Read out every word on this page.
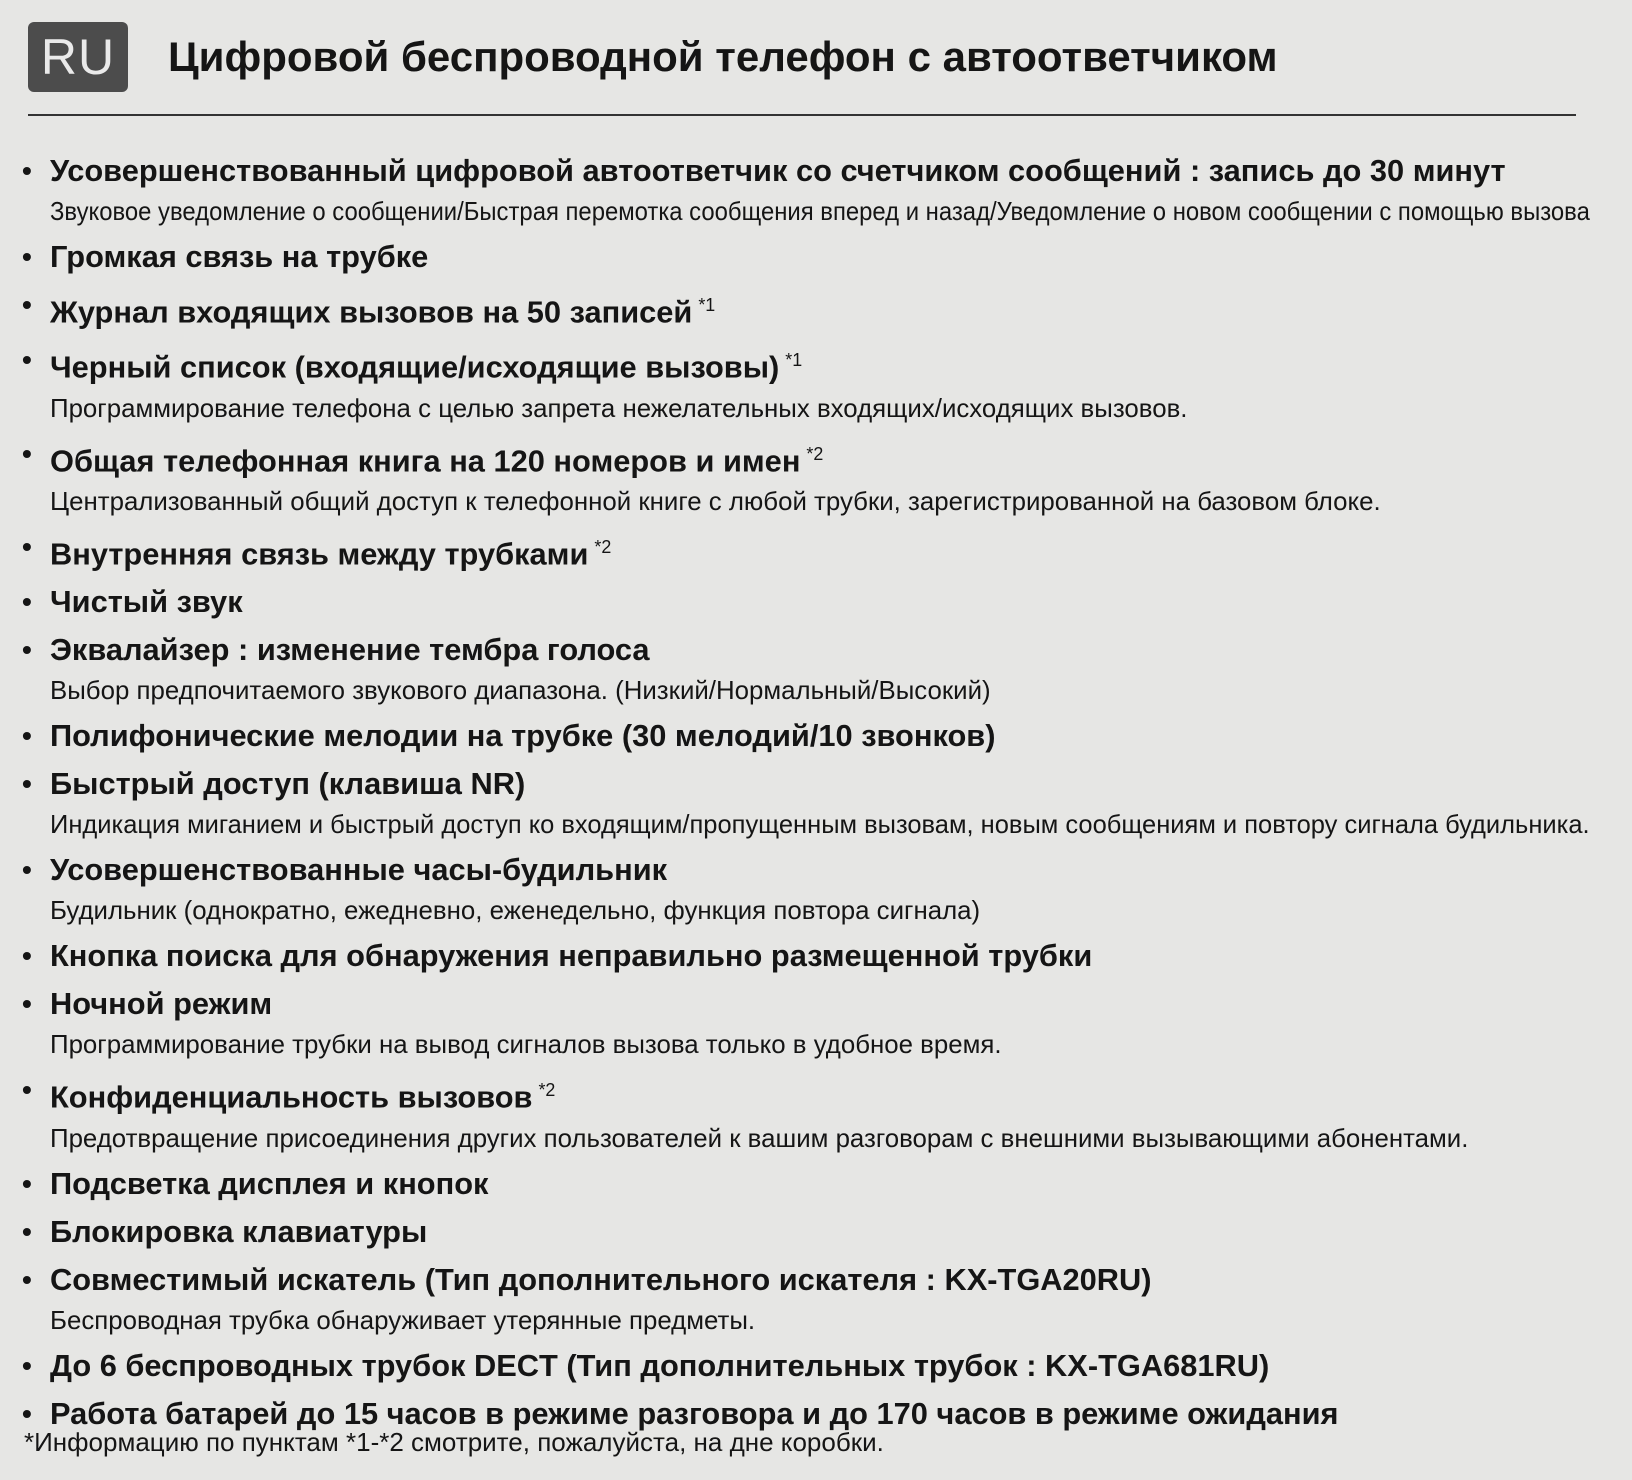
RU	Цифровой беспроводной телефон с автоответчиком
• Усовершенствованный цифровой автоответчик со счетчиком сообщений : запись до 30 минут
Звуковое уведомление о сообщении/Быстрая перемотка сообщения вперед и назад/Уведомление о новом сообщении с помощью вызова
• Громкая связь на трубке
• Журнал входящих вызовов на 50 записей $^{*1}$
• Черный список (входящие/исходящие вызовы) $^{*1}$
Программирование телефона с целью запрета нежелательных входящих/исходящих вызовов.
• Общая телефонная книга на 120 номеров и имен $^{*2}$
Централизованный общий доступ к телефонной книге с любой трубки, зарегистрированной на базовом блоке.
• Внутренняя связь между трубками $^{*2}$
• Чистый звук
• Эквалайзер : изменение тембра голоса
Выбор предпочитаемого звукового диапазона. (Низкий/Нормальный/Высокий)
• Полифонические мелодии на трубке (30 мелодий/10 звонков)
• Быстрый доступ (клавиша NR)
Индикация миганием и быстрый доступ ко входящим/пропущенным вызовам, новым сообщениям и повтору сигнала будильника.
• Усовершенствованные часы-будильник
Будильник (однократно, ежедневно, еженедельно, функция повтора сигнала)
• Кнопка поиска для обнаружения неправильно размещенной трубки
• Ночной режим
Программирование трубки на вывод сигналов вызова только в удобное время.
• Конфиденциальность вызовов $^{*2}$
Предотвращение присоединения других пользователей к вашим разговорам с внешними вызывающими абонентами.
• Подсветка дисплея и кнопок
• Блокировка клавиатуры
• Совместимый искатель (Тип дополнительного искателя : KX-TGA20RU)
Беспроводная трубка обнаруживает утерянные предметы.
• До 6 беспроводных трубок DECT (Тип дополнительных трубок : KX-TGA681RU)
• Работа батарей до 15 часов в режиме разговора и до 170 часов в режиме ожидания
*Информацию по пунктам *1-*2 смотрите, пожалуйста, на дне коробки.
